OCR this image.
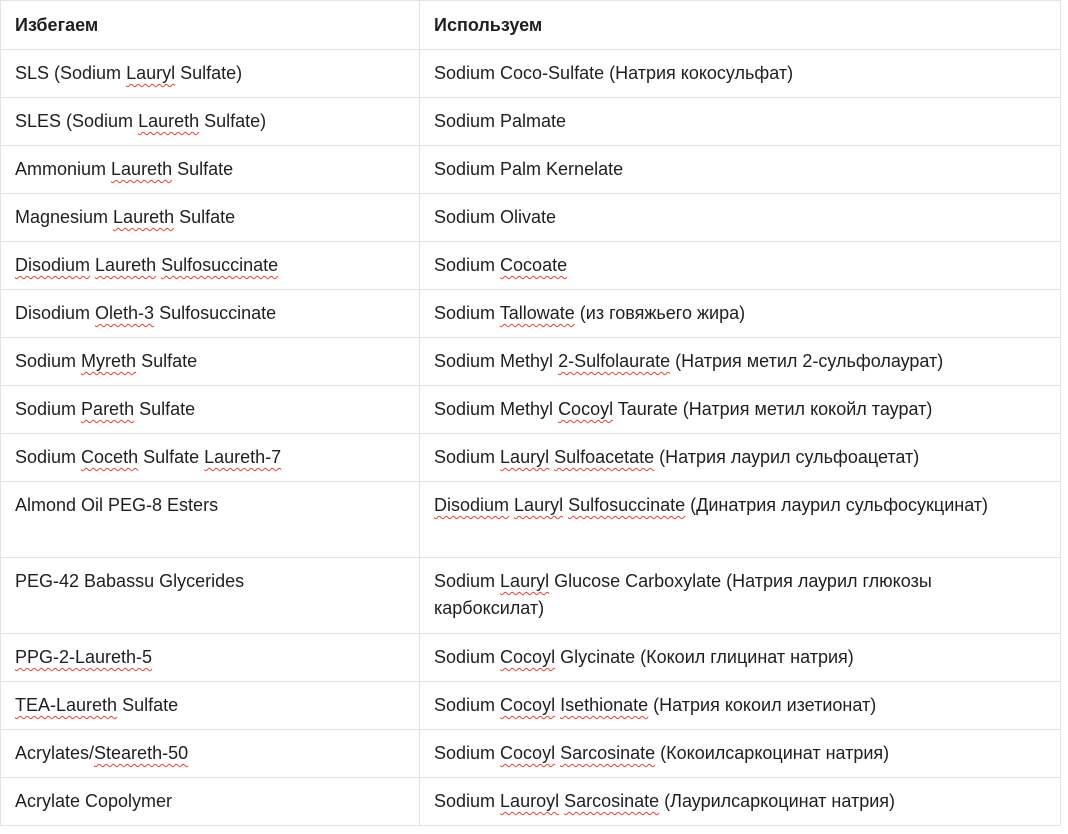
Избегаем	Используем
SLS (Sodium Lauryl Sulfate)	Sodium Coco-Sulfate (Натрия кокосульфат)
SLES (Sodium Laureth Sulfate)	Sodium Palmate
Ammonium Laureth Sulfate	Sodium Palm Kernelate
Magnesium Laureth Sulfate	Sodium Olivate
Disodium Laureth Sulfosuccinate	Sodium Cocoate
Disodium Oleth-3 Sulfosuccinate	Sodium Tallowate (из говяжьего жира)
Sodium Myreth Sulfate	Sodium Methyl 2-Sulfolaurate (Натрия метил 2-сульфолаурат)
Sodium Pareth Sulfate	Sodium Methyl Cocoyl Taurate (Натрия метил кокойл таурат)
Sodium Coceth Sulfate Laureth-7	Sodium Lauryl Sulfoacetate (Натрия лаурил сульфоацетат)
Almond Oil PEG-8 Esters	Disodium Lauryl Sulfosuccinate (Динатрия лаурил сульфосукцинат)
PEG-42 Babassu Glycerides	Sodium Lauryl Glucose Carboxylate (Натрия лаурил глюкозы карбоксилат)
PPG-2-Laureth-5	Sodium Cocoyl Glycinate (Кокоил глицинат натрия)
TEA-Laureth Sulfate	Sodium Cocoyl Isethionate (Натрия кокоил изетионат)
Acrylates/Steareth-50	Sodium Cocoyl Sarcosinate (Кокоилсаркоцинат натрия)
Acrylate Copolymer	Sodium Lauroyl Sarcosinate (Лаурилсаркоцинат натрия)
